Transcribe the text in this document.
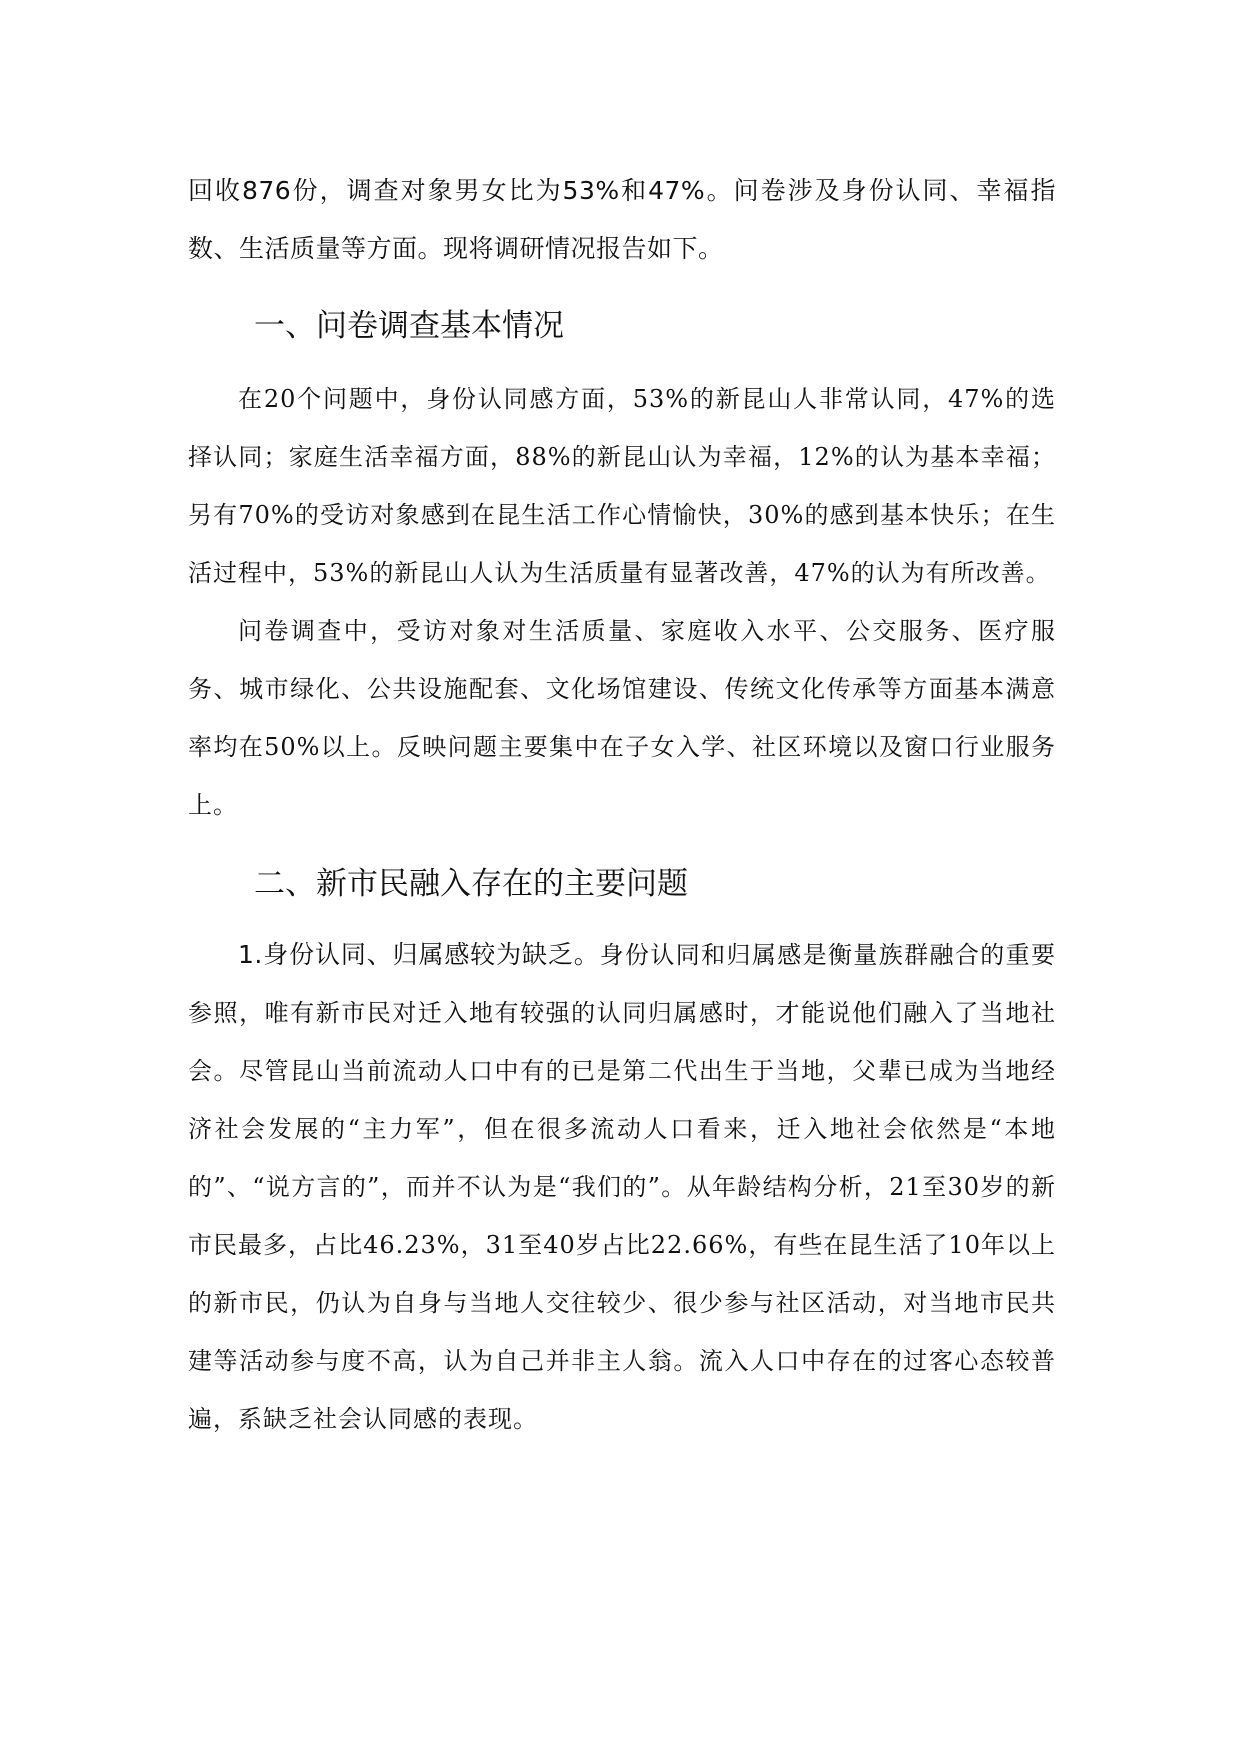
回收876份，调查对象男女比为53%和47%。问卷涉及身份认同、幸福指数、生活质量等方面。现将调研情况报告如下。

一、问卷调查基本情况

在20个问题中，身份认同感方面，53%的新昆山人非常认同，47%的选择认同；家庭生活幸福方面，88%的新昆山认为幸福，12%的认为基本幸福；另有70%的受访对象感到在昆生活工作心情愉快，30%的感到基本快乐；在生活过程中，53%的新昆山人认为生活质量有显著改善，47%的认为有所改善。

问卷调查中，受访对象对生活质量、家庭收入水平、公交服务、医疗服务、城市绿化、公共设施配套、文化场馆建设、传统文化传承等方面基本满意率均在50%以上。反映问题主要集中在子女入学、社区环境以及窗口行业服务上。

二、新市民融入存在的主要问题

1.身份认同、归属感较为缺乏。身份认同和归属感是衡量族群融合的重要参照，唯有新市民对迁入地有较强的认同归属感时，才能说他们融入了当地社会。尽管昆山当前流动人口中有的已是第二代出生于当地，父辈已成为当地经济社会发展的“主力军”，但在很多流动人口看来，迁入地社会依然是“本地的”、“说方言的”，而并不认为是“我们的”。从年龄结构分析，21至30岁的新市民最多，占比46.23%，31至40岁占比22.66%，有些在昆生活了10年以上的新市民，仍认为自身与当地人交往较少、很少参与社区活动，对当地市民共建等活动参与度不高，认为自己并非主人翁。流入人口中存在的过客心态较普遍，系缺乏社会认同感的表现。
